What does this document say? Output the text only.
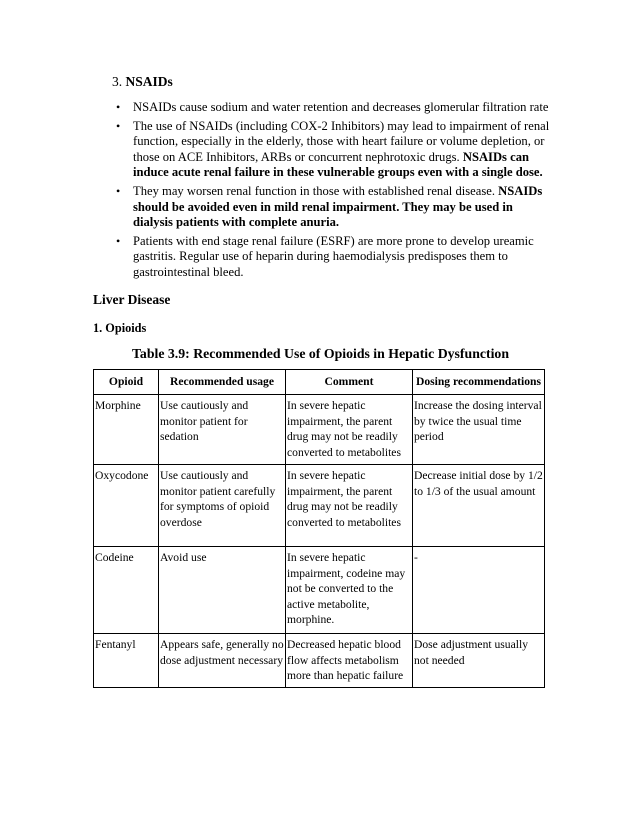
3. NSAIDs
• NSAIDs cause sodium and water retention and decreases glomerular filtration rate
• The use of NSAIDs (including COX-2 Inhibitors) may lead to impairment of renal function, especially in the elderly, those with heart failure or volume depletion, or those on ACE Inhibitors, ARBs or concurrent nephrotoxic drugs. NSAIDs can induce acute renal failure in these vulnerable groups even with a single dose.
• They may worsen renal function in those with established renal disease. NSAIDs should be avoided even in mild renal impairment. They may be used in dialysis patients with complete anuria.
• Patients with end stage renal failure (ESRF) are more prone to develop ureamic gastritis. Regular use of heparin during haemodialysis predisposes them to gastrointestinal bleed.
Liver Disease
1. Opioids
Table 3.9: Recommended Use of Opioids in Hepatic Dysfunction
Opioid	Recommended usage	Comment	Dosing recommendations
Morphine	Use cautiously and monitor patient for sedation	In severe hepatic impairment, the parent drug may not be readily converted to metabolites	Increase the dosing interval by twice the usual time period
Oxycodone	Use cautiously and monitor patient carefully for symptoms of opioid overdose	In severe hepatic impairment, the parent drug may not be readily converted to metabolites	Decrease initial dose by 1/2 to 1/3 of the usual amount
Codeine	Avoid use	In severe hepatic impairment, codeine may not be converted to the active metabolite, morphine.	-
Fentanyl	Appears safe, generally no dose adjustment necessary	Decreased hepatic blood flow affects metabolism more than hepatic failure	Dose adjustment usually not needed
